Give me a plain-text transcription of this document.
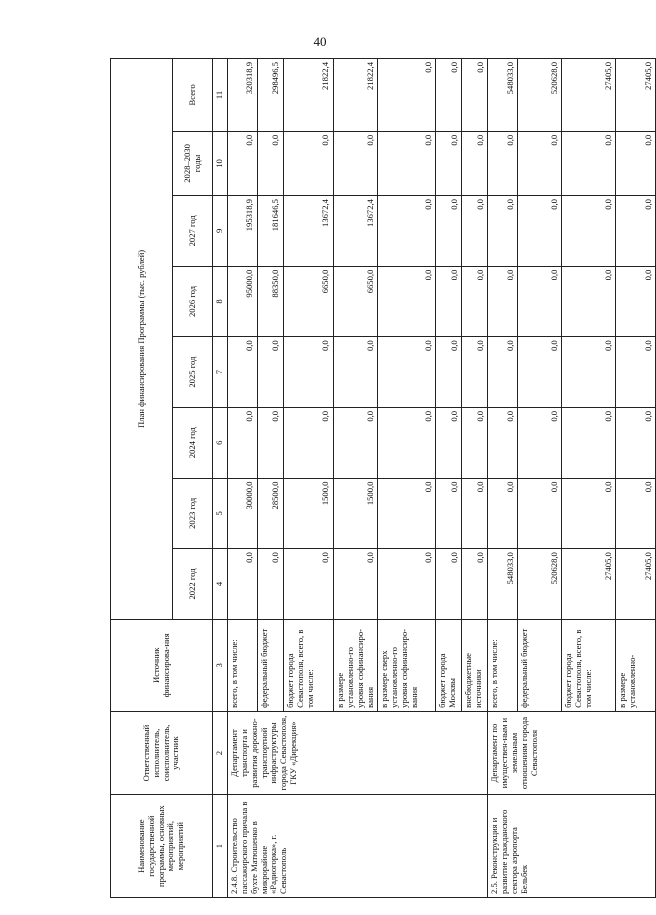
40
Наименование государственной программы, основных мероприятий, мероприятий	Ответственный исполнитель, соисполнитель, участник	Источник финансирова-ния	План финансирования Программы (тыс. рублей)							
			2022 год	2023 год	2024 год	2025 год	2026 год	2027 год	2028–2030 годы	Всего
1	2	3	4	5	6	7	8	9	10	11
2.4.8. Строительство пассажирского причала в бухте Матюшенко в микрорайоне «Радиогорка», г. Севастополь	Департамент транспорта и развития дорожно-транспортной инфраструктуры города Севастополя, ГКУ «Дирекция»	всего, в том числе:	0,0	30000,0	0,0	0,0	95000,0	195318,9	0,0	320318,9
		федеральный бюджет	0,0	28500,0	0,0	0,0	88350,0	181646,5	0,0	298496,5
		бюджет города Севастополя, всего, в том числе:	0,0	1500,0	0,0	0,0	6650,0	13672,4	0,0	21822,4
		в размере установленно-го уровня софинансиро-вания	0,0	1500,0	0,0	0,0	6650,0	13672,4	0,0	21822,4
		в размере сверх установленно-го уровня софинансиро-вания	0,0	0,0	0,0	0,0	0,0	0,0	0,0	0,0
		бюджет города Москвы	0,0	0,0	0,0	0,0	0,0	0,0	0,0	0,0
		внебюджетные источники	0,0	0,0	0,0	0,0	0,0	0,0	0,0	0,0
2.5. Реконструкция и развитие гражданского сектора аэропорта Бельбек	Департамент по имуществен-ным и земельным отношениям города Севастополя	всего, в том числе:	548033,0	0,0	0,0	0,0	0,0	0,0	0,0	548033,0
		федеральный бюджет	520628,0	0,0	0,0	0,0	0,0	0,0	0,0	520628,0
		бюджет города Севастополя, всего, в том числе:	27405,0	0,0	0,0	0,0	0,0	0,0	0,0	27405,0
		в размере установленно-	27405,0	0,0	0,0	0,0	0,0	0,0	0,0	27405,0
